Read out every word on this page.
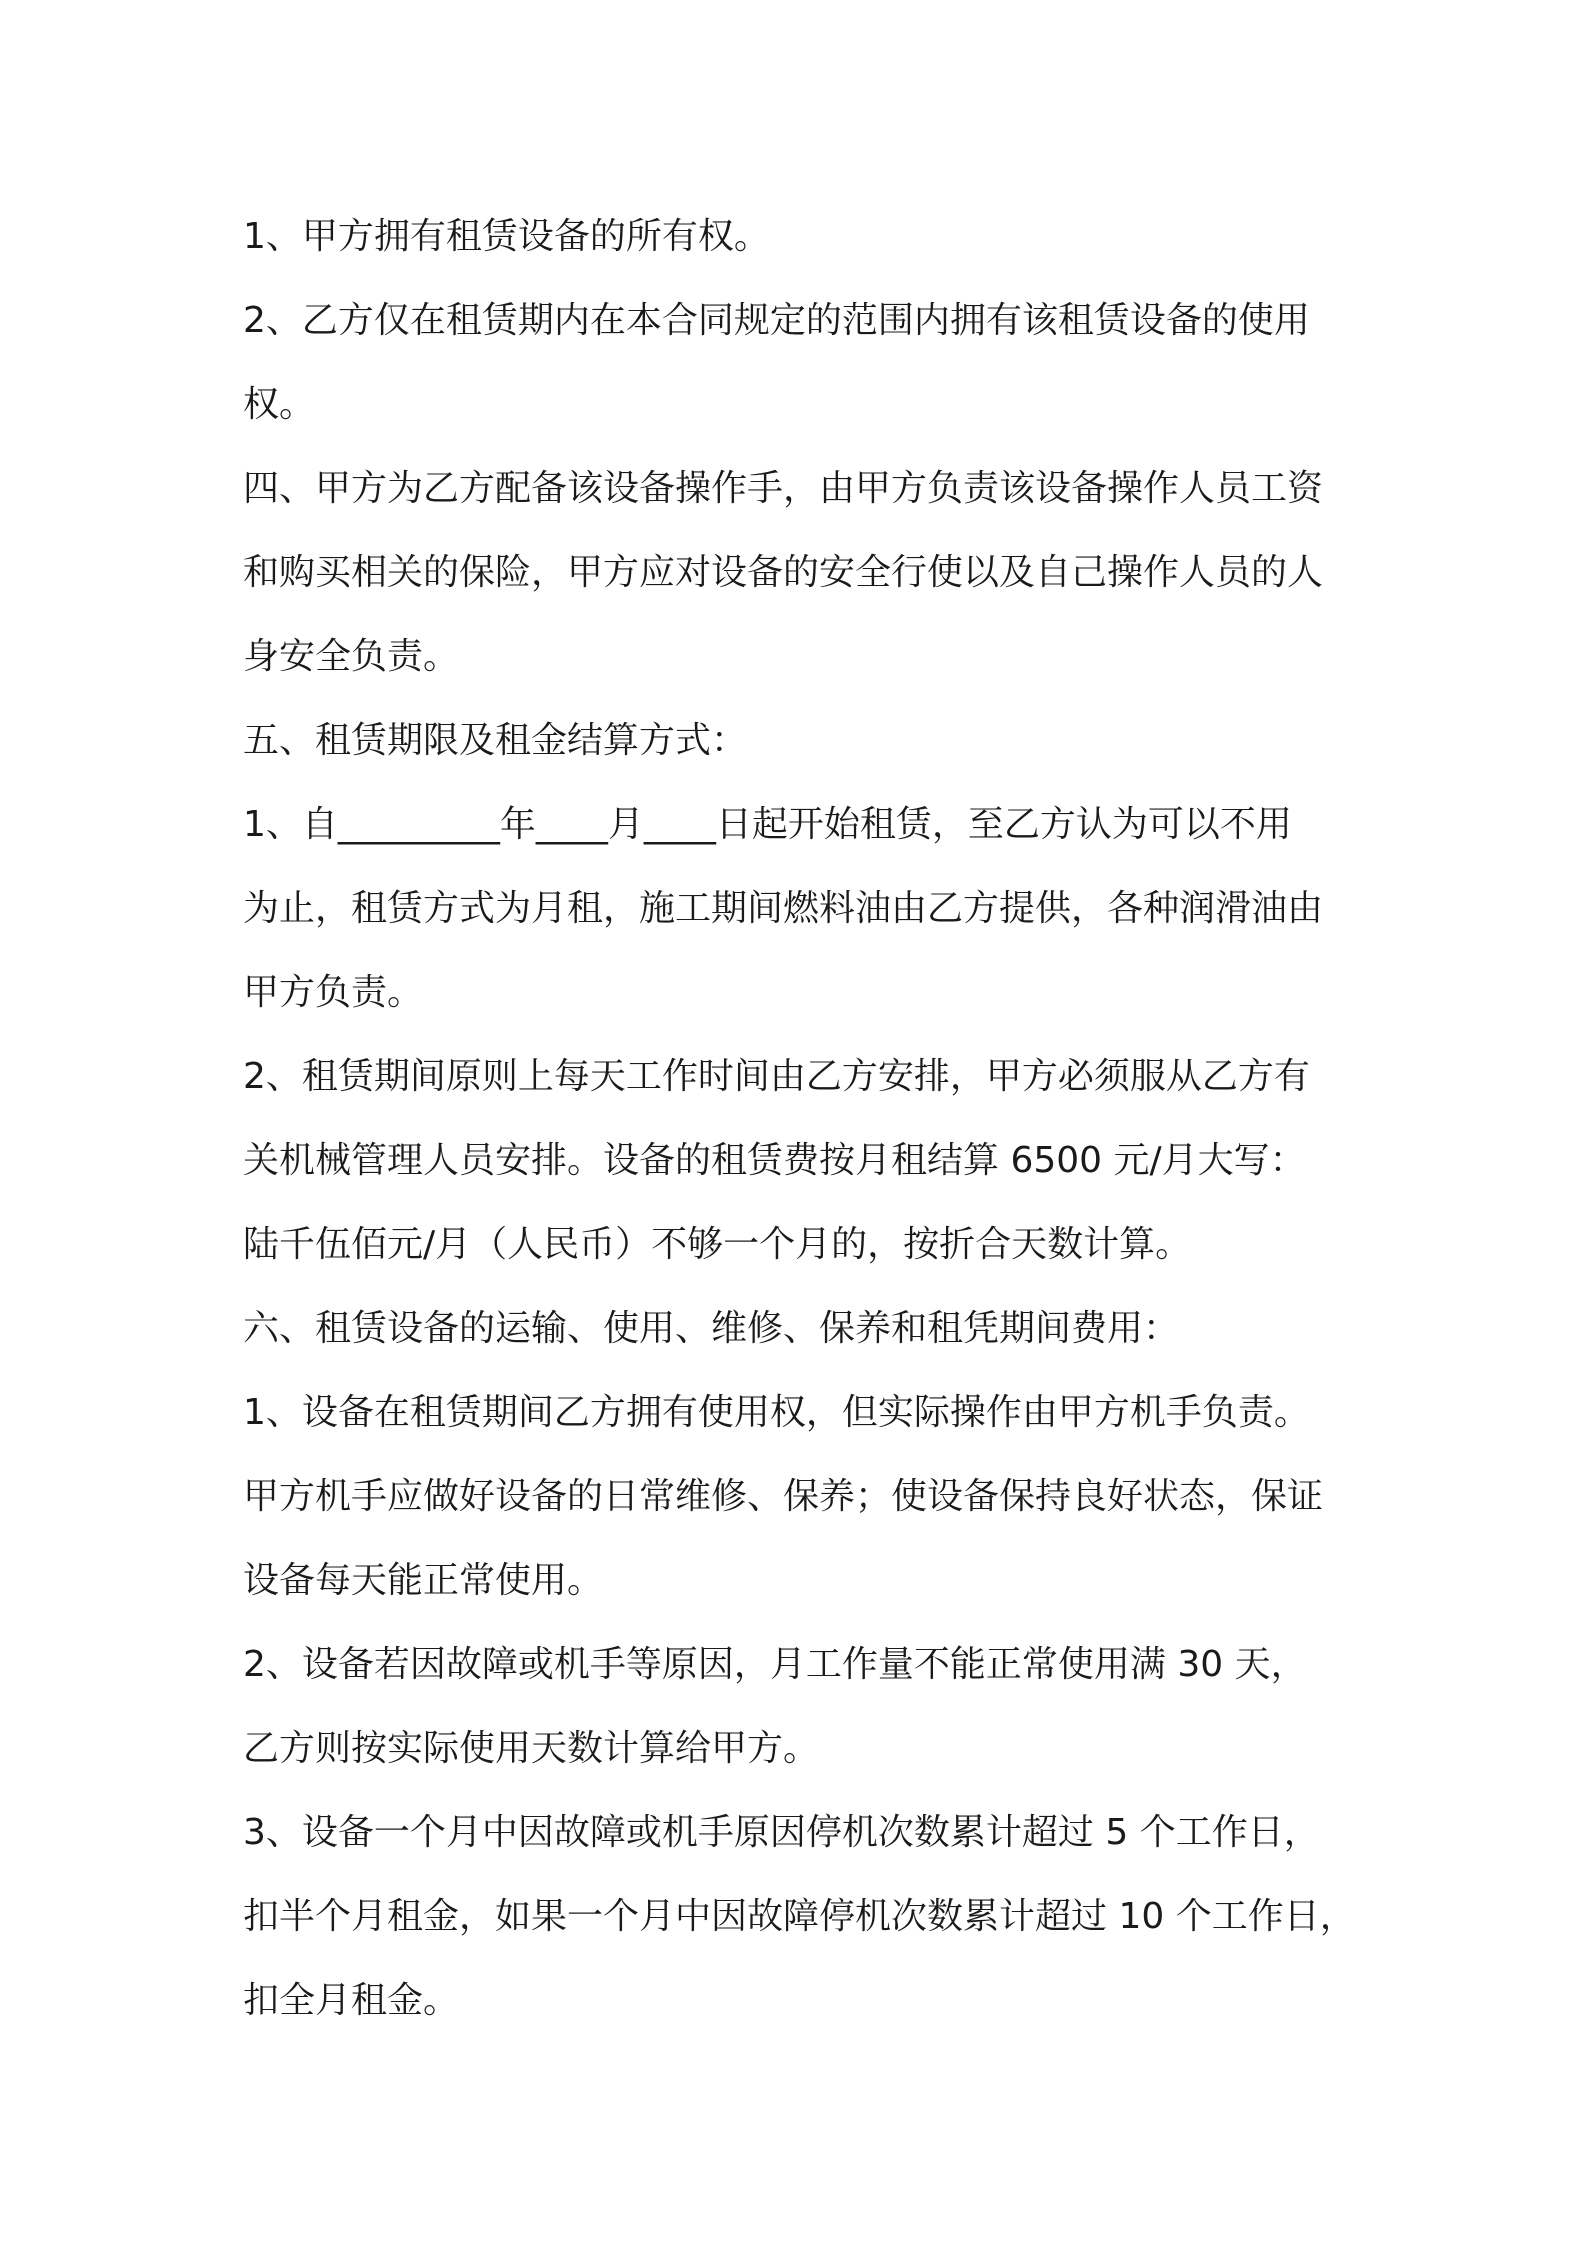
1、甲方拥有租赁设备的所有权。
2、乙方仅在租赁期内在本合同规定的范围内拥有该租赁设备的使用
权。
四、甲方为乙方配备该设备操作手，由甲方负责该设备操作人员工资
和购买相关的保险，甲方应对设备的安全行使以及自己操作人员的人
身安全负责。
五、租赁期限及租金结算方式：
1、自_________年____月____日起开始租赁，至乙方认为可以不用
为止，租赁方式为月租，施工期间燃料油由乙方提供，各种润滑油由
甲方负责。
2、租赁期间原则上每天工作时间由乙方安排，甲方必须服从乙方有
关机械管理人员安排。设备的租赁费按月租结算 6500 元/月大写：
陆千伍佰元/月（人民币）不够一个月的，按折合天数计算。
六、租赁设备的运输、使用、维修、保养和租凭期间费用：
1、设备在租赁期间乙方拥有使用权，但实际操作由甲方机手负责。
甲方机手应做好设备的日常维修、保养；使设备保持良好状态，保证
设备每天能正常使用。
2、设备若因故障或机手等原因，月工作量不能正常使用满 30 天，
乙方则按实际使用天数计算给甲方。
3、设备一个月中因故障或机手原因停机次数累计超过 5 个工作日，
扣半个月租金，如果一个月中因故障停机次数累计超过 10 个工作日，
扣全月租金。
